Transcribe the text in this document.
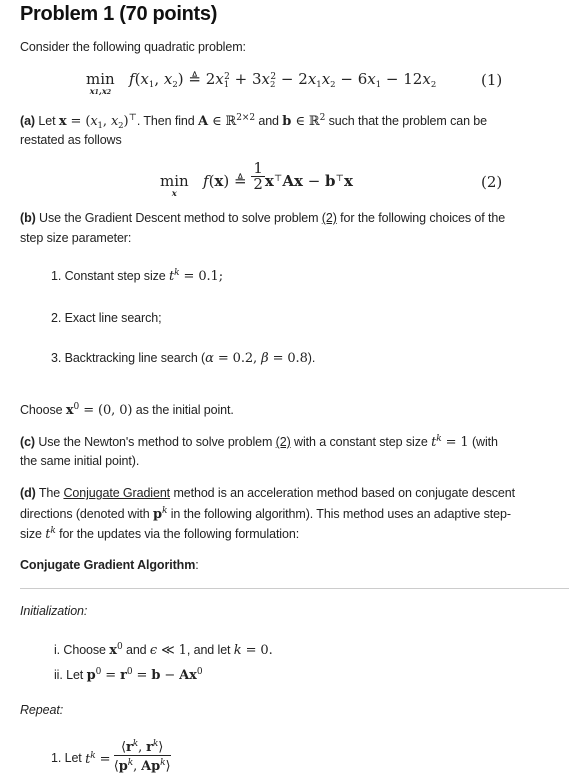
Problem 1 (70 points)
Consider the following quadratic problem:
min
x1,x2
$f(x_1$, $x_2$) ≜ $2x_1^2 + 3x_2^2 - 2x_1x_2 - 6x_1 - 12x_2$	(1)
(a) Let $x = (x_1$, $x_2)^⊤$. Then find A ∈ ℝ$^{2\times 2}$ and b ∈ ℝ$^2$ such that the problem can be
restated as follows
min
x
f(x) ≜ $\frac{1}{2} x^⊤Ax - b^⊤x$	(2)
(b) Use the Gradient Descent method to solve problem (2) for the following choices of the
step size parameter:
1. Constant step size $t^k = 0.1$;
2. Exact line search;
3. Backtracking line search (α = 0.2, β = 0.8).
Choose $x^0 = (0$, 0) as the initial point.
(c) Use the Newton's method to solve problem (2) with a constant step size $t^k = 1$ (with
the same initial point).
(d) The Conjugate Gradient method is an acceleration method based on conjugate descent
directions (denoted with $p^k$ in the following algorithm). This method uses an adaptive step-
size $t^k$ for the updates via the following formulation:
Conjugate Gradient Algorithm:
Initialization:
i. Choose $x^0$ and ϵ ≪ 1, and let k = 0.
ii. Let $p^0 = r^0 = b - Ax^0$
Repeat:
1. Let $t^k = \frac{⟨r^k, r^k⟩}{⟨p^k, Ap^k⟩}$
